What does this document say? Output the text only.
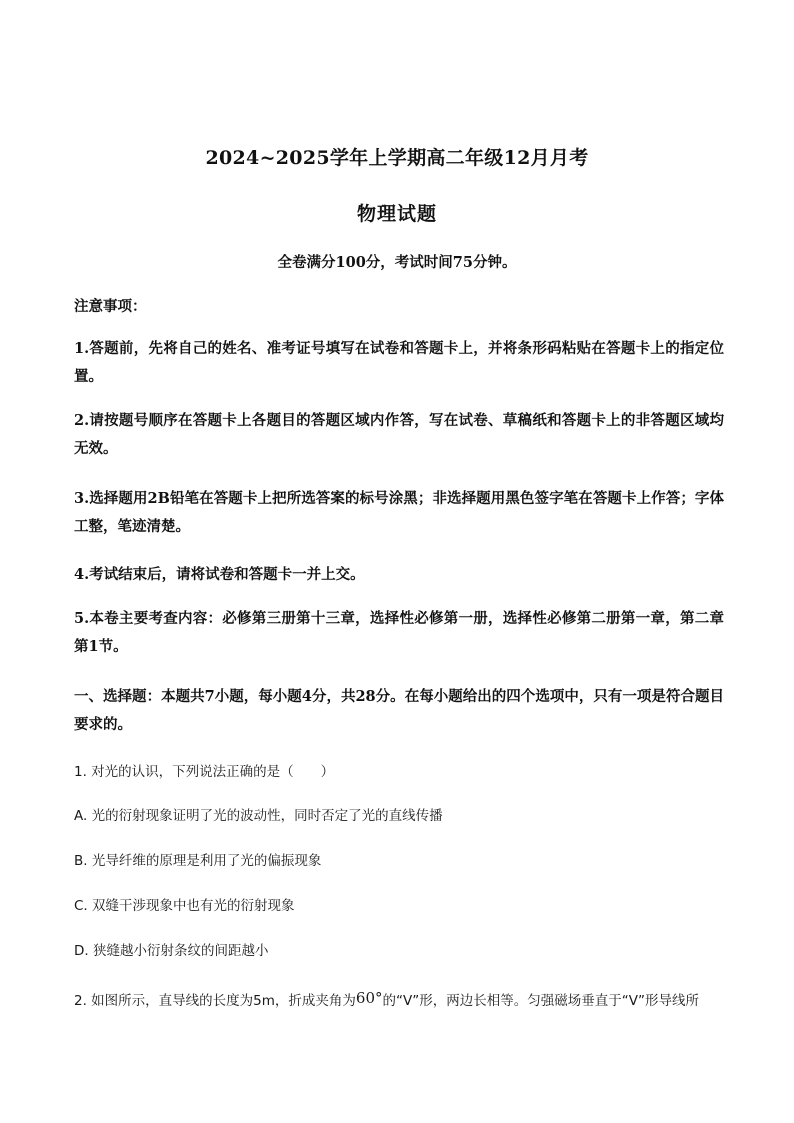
2024~2025学年上学期高二年级12月月考
物理试题
全卷满分100分，考试时间75分钟。
注意事项：
1.答题前，先将自己的姓名、准考证号填写在试卷和答题卡上，并将条形码粘贴在答题卡上的指定位置。
2.请按题号顺序在答题卡上各题目的答题区域内作答，写在试卷、草稿纸和答题卡上的非答题区域均无效。
3.选择题用2B铅笔在答题卡上把所选答案的标号涂黑；非选择题用黑色签字笔在答题卡上作答；字体工整，笔迹清楚。
4.考试结束后，请将试卷和答题卡一并上交。
5.本卷主要考查内容：必修第三册第十三章，选择性必修第一册，选择性必修第二册第一章，第二章第1节。
一、选择题：本题共7小题，每小题4分，共28分。在每小题给出的四个选项中，只有一项是符合题目要求的。
1. 对光的认识，下列说法正确的是（　　）
A. 光的衍射现象证明了光的波动性，同时否定了光的直线传播
B. 光导纤维的原理是利用了光的偏振现象
C. 双缝干涉现象中也有光的衍射现象
D. 狭缝越小衍射条纹的间距越小
2. 如图所示，直导线的长度为5m，折成夹角为60°的“V”形，两边长相等。匀强磁场垂直于“V”形导线所
